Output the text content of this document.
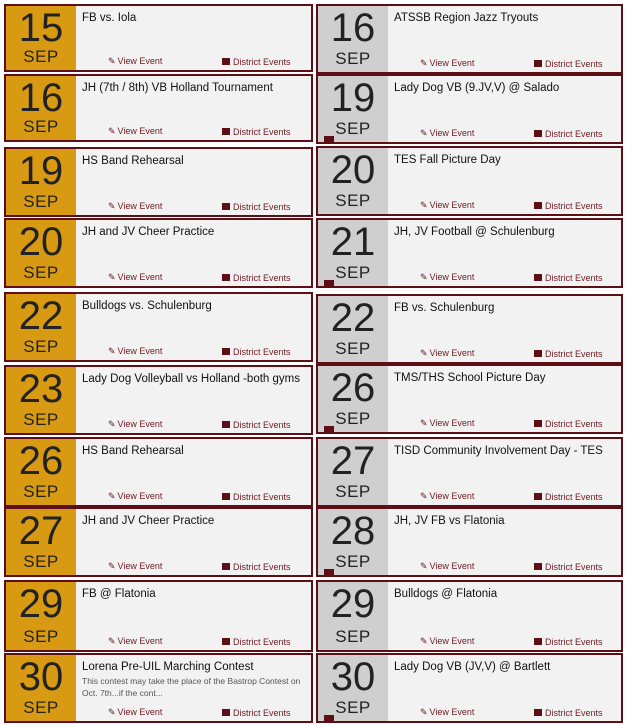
15
SEP
FB vs. Iola
✎ View Event	District Events
16
SEP
JH (7th / 8th) VB Holland Tournament
✎ View Event	District Events
19
SEP
HS Band Rehearsal
✎ View Event	District Events
20
SEP
JH and JV Cheer Practice
✎ View Event	District Events
22
SEP
Bulldogs vs. Schulenburg
✎ View Event	District Events
23
SEP
Lady Dog Volleyball vs Holland -both gyms
✎ View Event	District Events
26
SEP
HS Band Rehearsal
✎ View Event	District Events
27
SEP
JH and JV Cheer Practice
✎ View Event	District Events
29
SEP
FB @ Flatonia
✎ View Event	District Events
30
SEP
Lorena Pre-UIL Marching Contest
This contest may take the place of the Bastrop Contest on Oct. 7th...if the cont...
✎ View Event	District Events
16
SEP
ATSSB Region Jazz Tryouts
✎ View Event	District Events
19
SEP
Lady Dog VB (9.JV,V) @ Salado
✎ View Event	District Events
20
SEP
TES Fall Picture Day
✎ View Event	District Events
21
SEP
JH, JV Football @ Schulenburg
✎ View Event	District Events
22
SEP
FB vs. Schulenburg
✎ View Event	District Events
26
SEP
TMS/THS School Picture Day
✎ View Event	District Events
27
SEP
TISD Community Involvement Day - TES
✎ View Event	District Events
28
SEP
JH, JV FB vs Flatonia
✎ View Event	District Events
29
SEP
Bulldogs @ Flatonia
✎ View Event	District Events
30
SEP
Lady Dog VB (JV,V) @ Bartlett
✎ View Event	District Events
